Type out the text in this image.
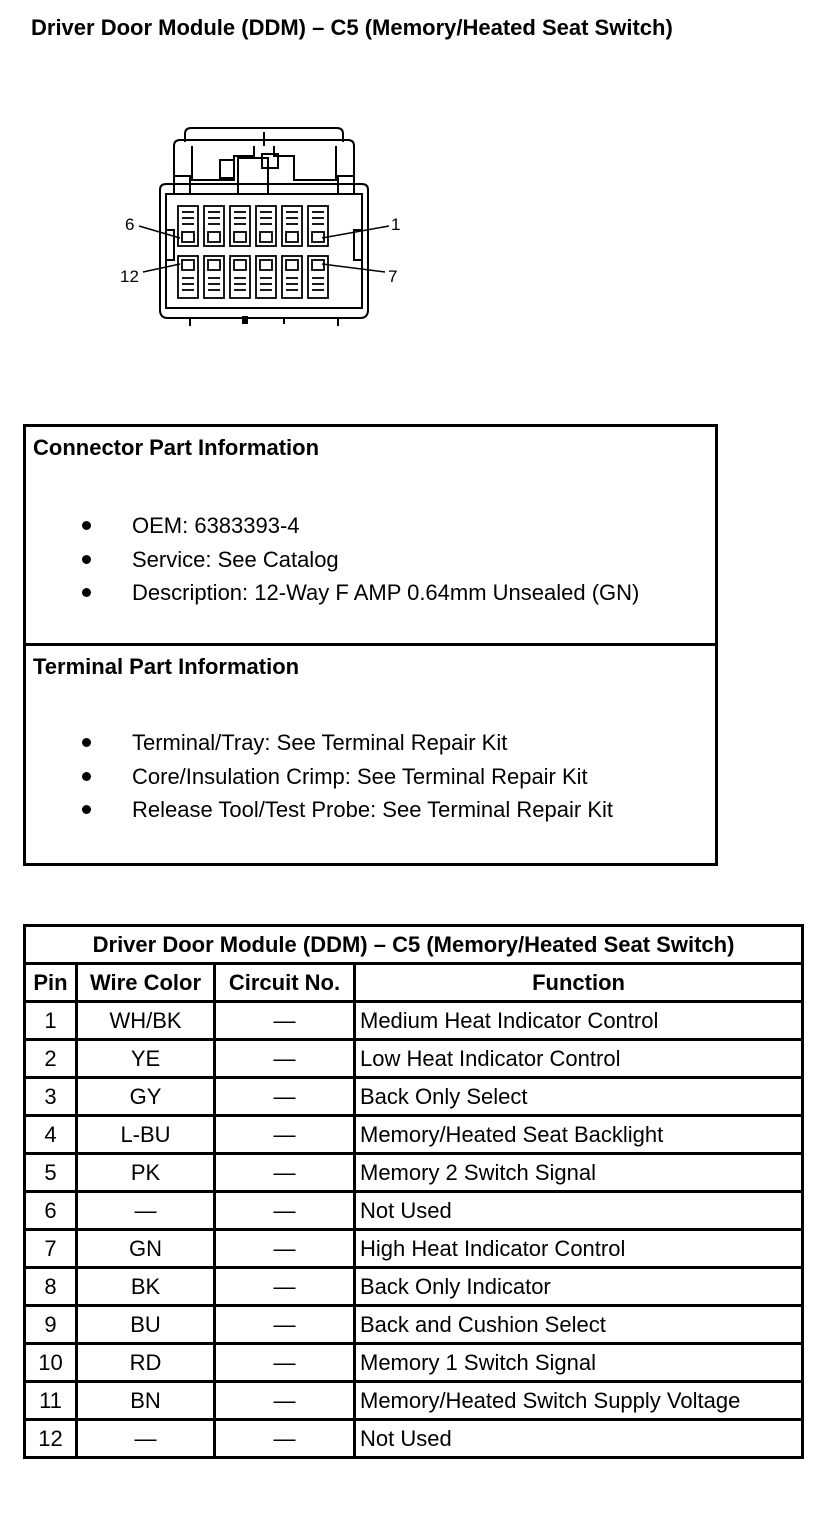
Driver Door Module (DDM) – C5 (Memory/Heated Seat Switch)
6	1
12	7
Connector Part Information
OEM: 6383393-4
Service: See Catalog
Description: 12-Way F AMP 0.64mm Unsealed (GN)
Terminal Part Information
Terminal/Tray: See Terminal Repair Kit
Core/Insulation Crimp: See Terminal Repair Kit
Release Tool/Test Probe: See Terminal Repair Kit
Driver Door Module (DDM) – C5 (Memory/Heated Seat Switch)			
Pin	Wire Color	Circuit No.	Function
1	WH/BK	—	Medium Heat Indicator Control
2	YE	—	Low Heat Indicator Control
3	GY	—	Back Only Select
4	L-BU	—	Memory/Heated Seat Backlight
5	PK	—	Memory 2 Switch Signal
6	—	—	Not Used
7	GN	—	High Heat Indicator Control
8	BK	—	Back Only Indicator
9	BU	—	Back and Cushion Select
10	RD	—	Memory 1 Switch Signal
11	BN	—	Memory/Heated Switch Supply Voltage
12	—	—	Not Used
